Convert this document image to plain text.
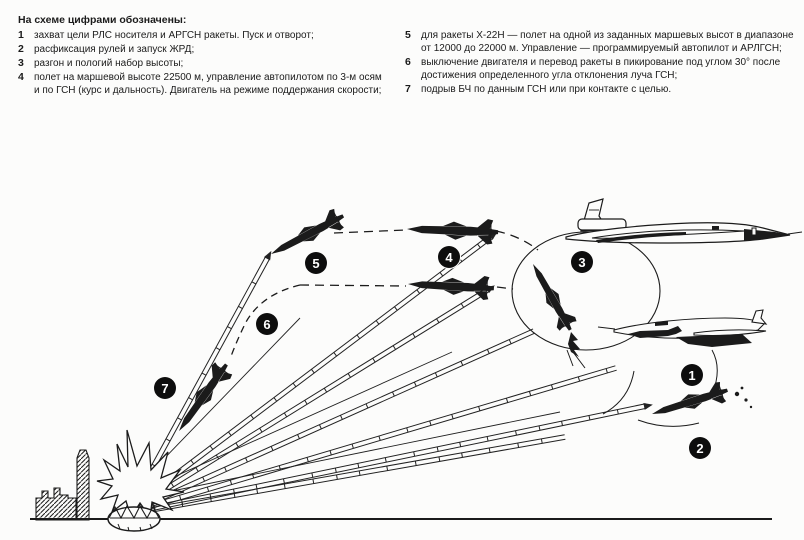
На схеме цифрами обозначены:
1	захват цели РЛС носителя и АРГСН ракеты. Пуск и отворот;
2	расфиксация рулей и запуск ЖРД;
3	разгон и пологий набор высоты;
4	полет на маршевой высоте 22500 м, управление автопилотом по 3-м осям и по ГСН (курс и дальность). Двигатель на режиме поддержания скорости;
5	для ракеты Х-22Н — полет на одной из заданных маршевых высот в диапазоне от 12000 до 22000 м. Управление — программируемый автопилот и АРЛГСН;
6	выключение двигателя и перевод ракеты в пикирование под углом 30° после достижения определенного угла отклонения луча ГСН;
7	подрыв БЧ по данным ГСН или при контакте с целью.
1
2
3
4
5
6
7
